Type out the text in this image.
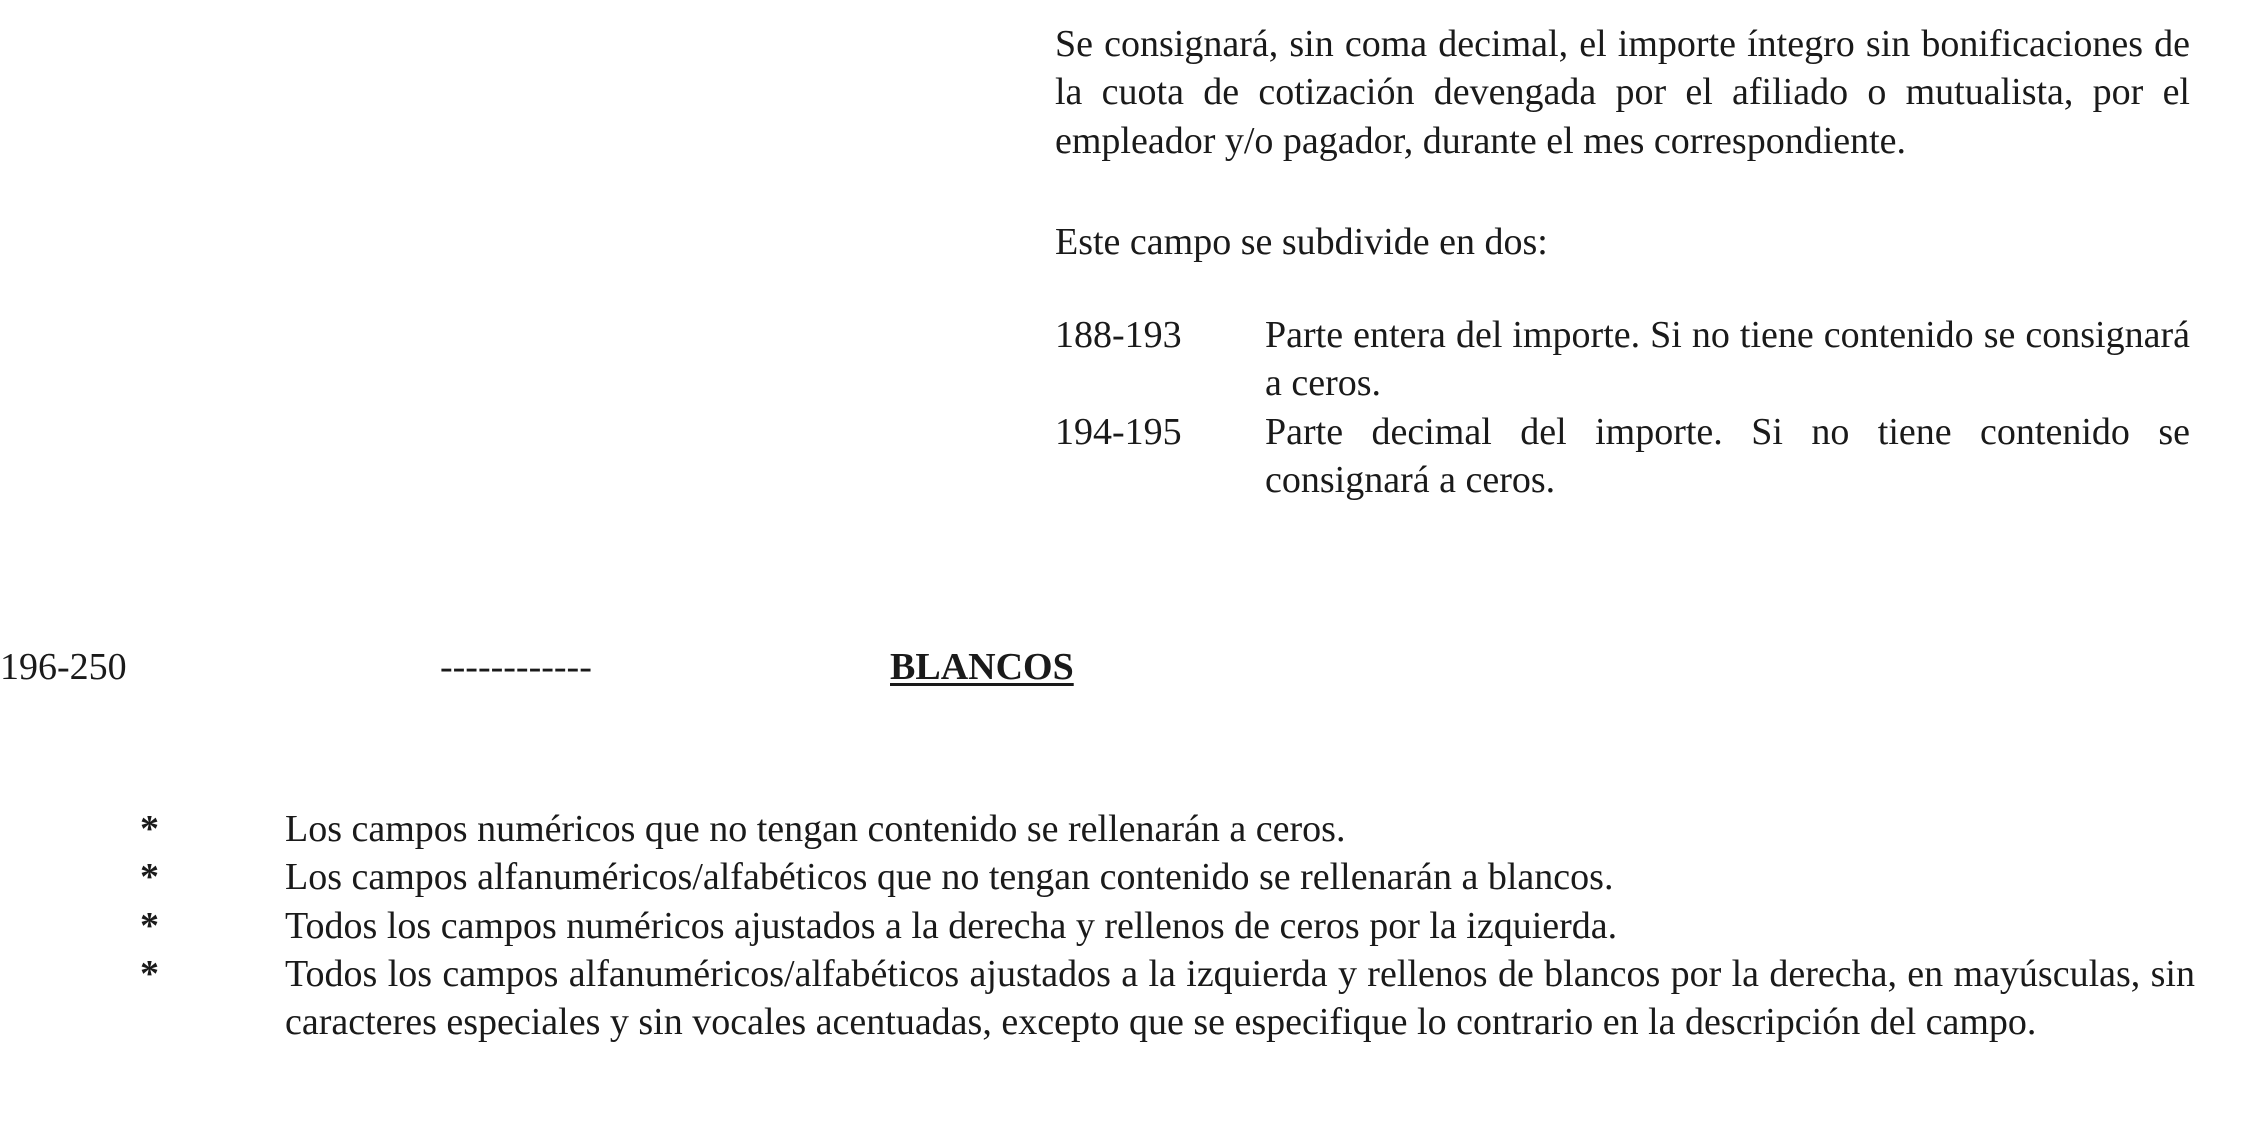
Se consignará, sin coma decimal, el importe íntegro sin bonificaciones de la cuota de cotización devengada por el afiliado o mutualista, por el empleador y/o pagador, durante el mes correspondiente.

Este campo se subdivide en dos:

188-193	Parte entera del importe. Si no tiene contenido se consignará a ceros.
194-195	Parte decimal del importe. Si no tiene contenido se consignará a ceros.
196-250	------------	BLANCOS
*	Los campos numéricos que no tengan contenido se rellenarán a ceros.
*	Los campos alfanuméricos/alfabéticos que no tengan contenido se rellenarán a blancos.
*	Todos los campos numéricos ajustados a la derecha y rellenos de ceros por la izquierda.
*	Todos los campos alfanuméricos/alfabéticos ajustados a la izquierda y rellenos de blancos por la derecha, en mayúsculas, sin caracteres especiales y sin vocales acentuadas, excepto que se especifique lo contrario en la descripción del campo.
